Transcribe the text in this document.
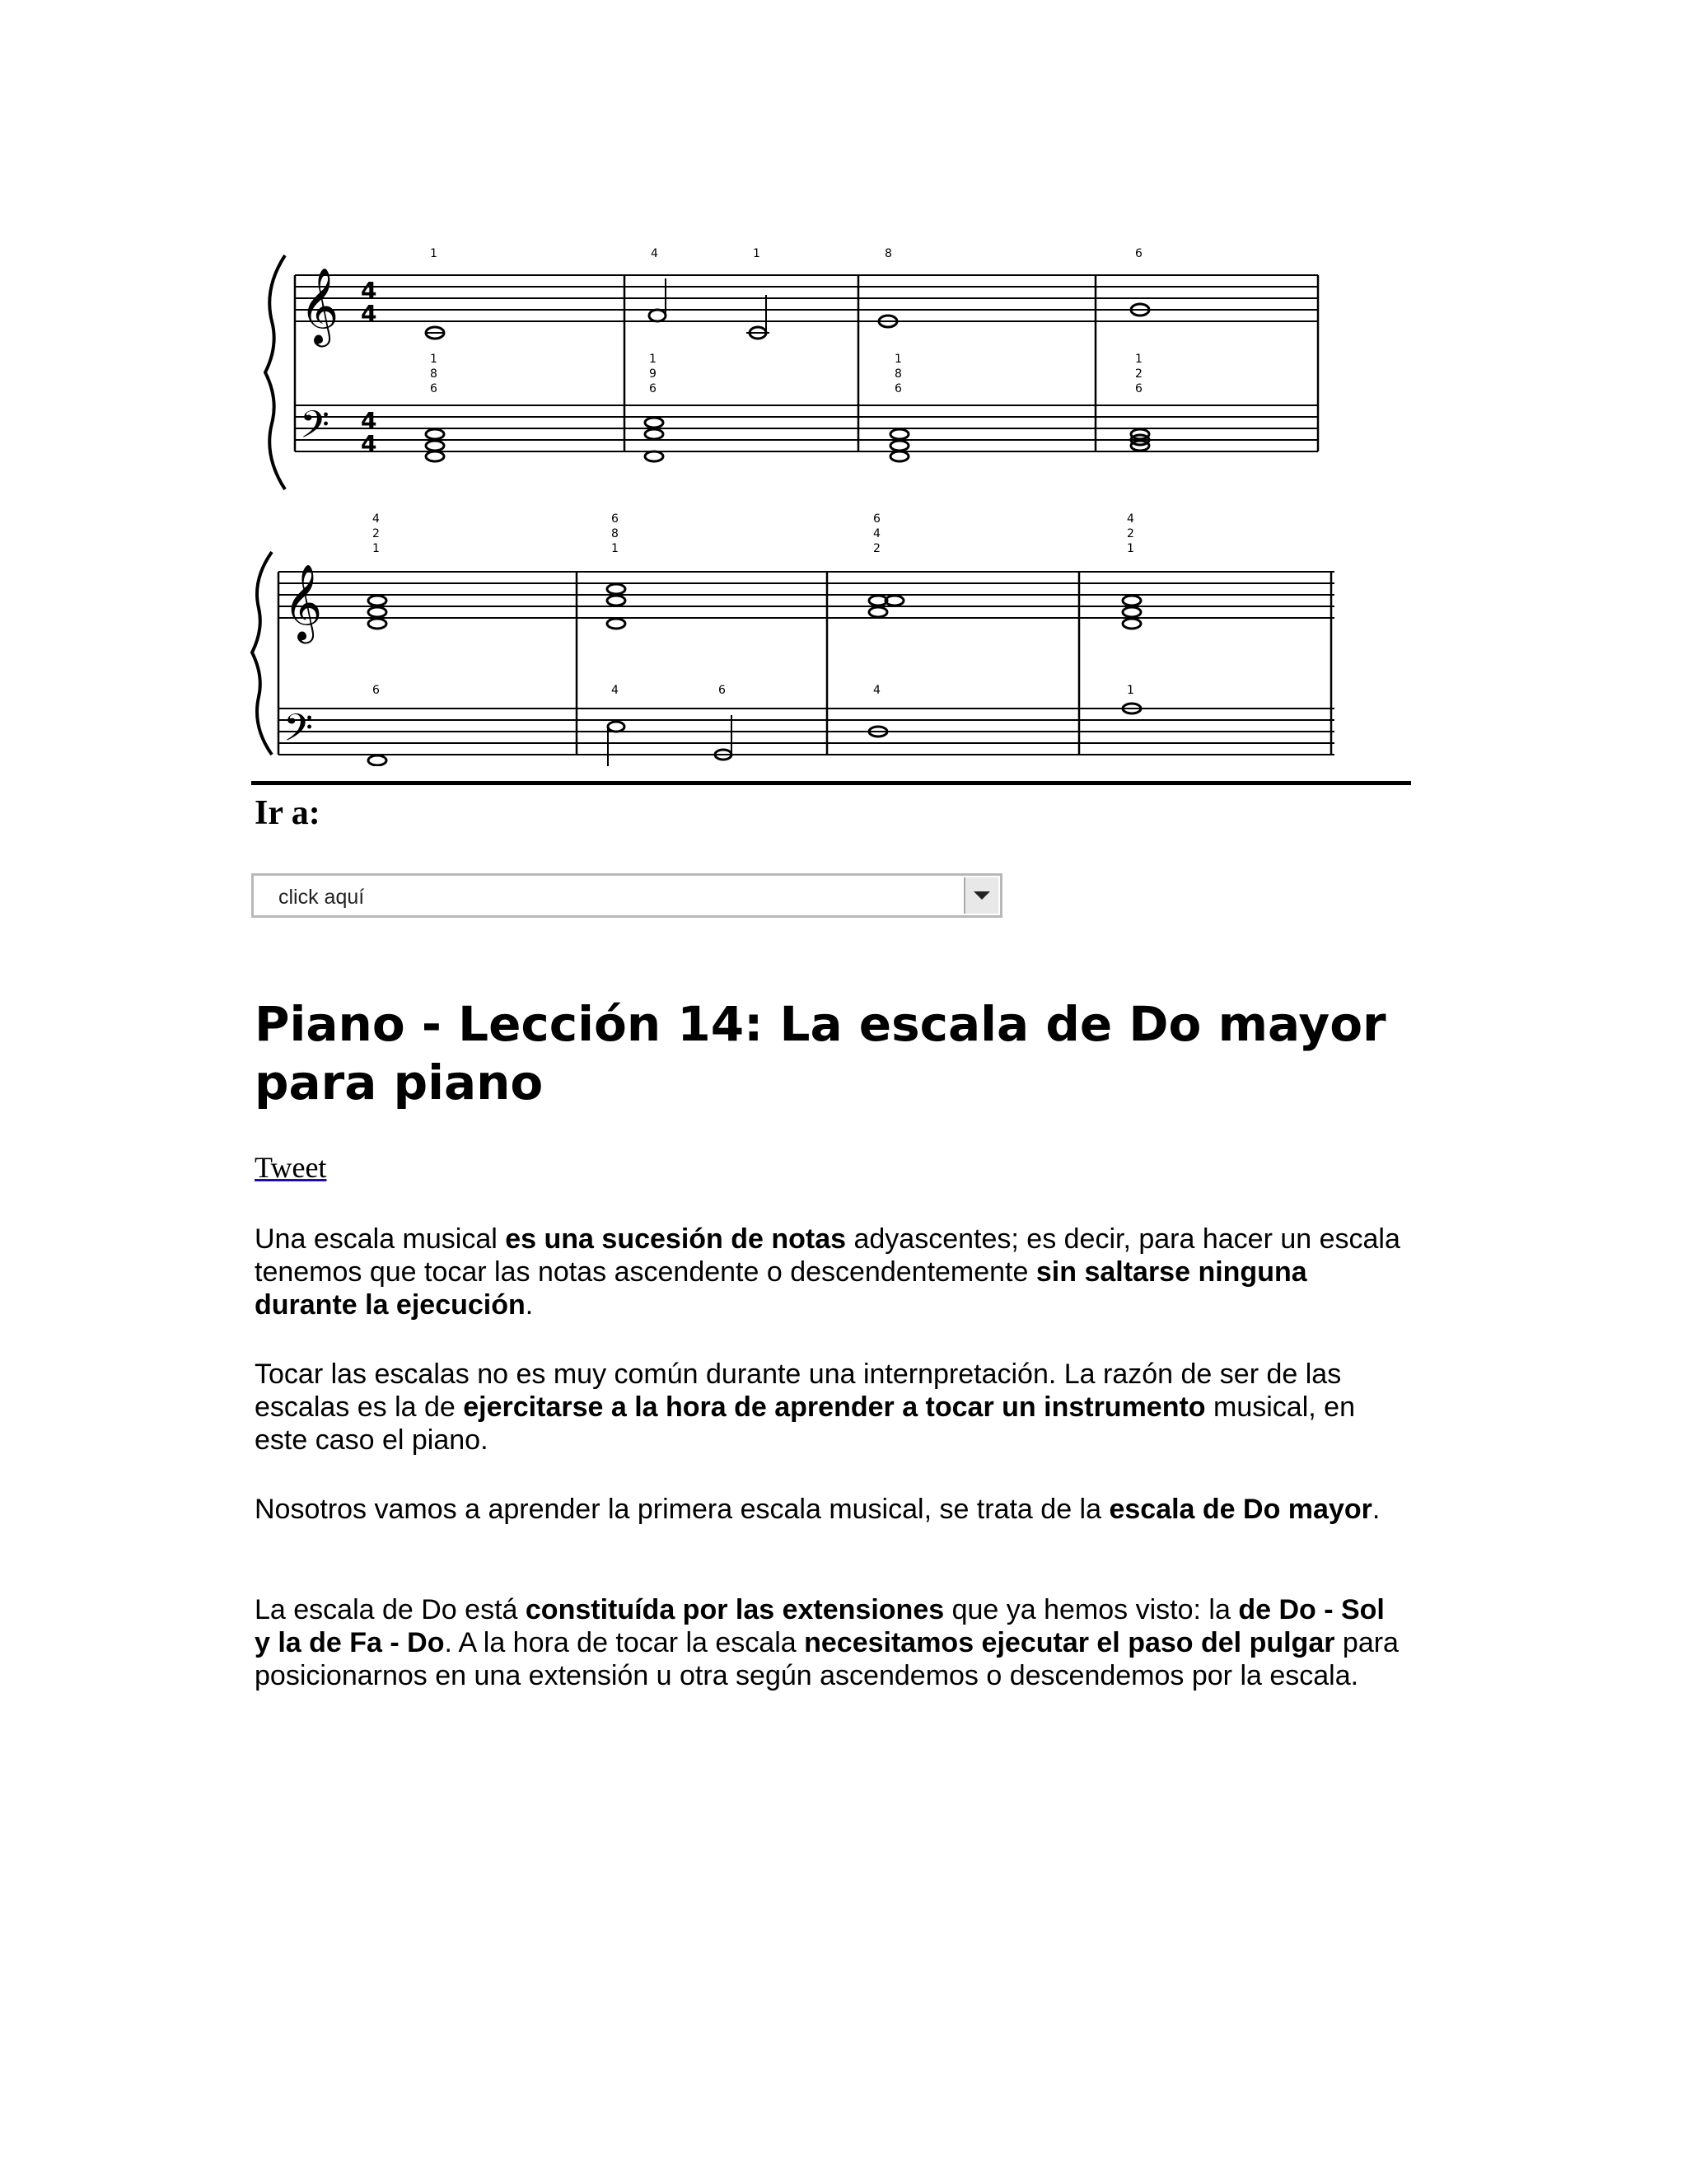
𝄞
𝄢
4
4
4
4
1	4	1	8	6
1
8
6
1
9
6
1
8
6
1
2
6
𝄞
𝄢
4
2
1
6
8
1
6
4
2
4
2
1
6	4	6	4	1
Ir a:
click aquí
Piano - Lección 14: La escala de Do mayor para piano
Tweet

Una escala musical es una sucesión de notas adyascentes; es decir, para hacer un escala tenemos que tocar las notas ascendente o descendentemente sin saltarse ninguna durante la ejecución.

Tocar las escalas no es muy común durante una internpretación. La razón de ser de las escalas es la de ejercitarse a la hora de aprender a tocar un instrumento musical, en este caso el piano.

Nosotros vamos a aprender la primera escala musical, se trata de la escala de Do mayor.

La escala de Do está constituída por las extensiones que ya hemos visto: la de Do - Sol y la de Fa - Do. A la hora de tocar la escala necesitamos ejecutar el paso del pulgar para posicionarnos en una extensión u otra según ascendemos o descendemos por la escala.
